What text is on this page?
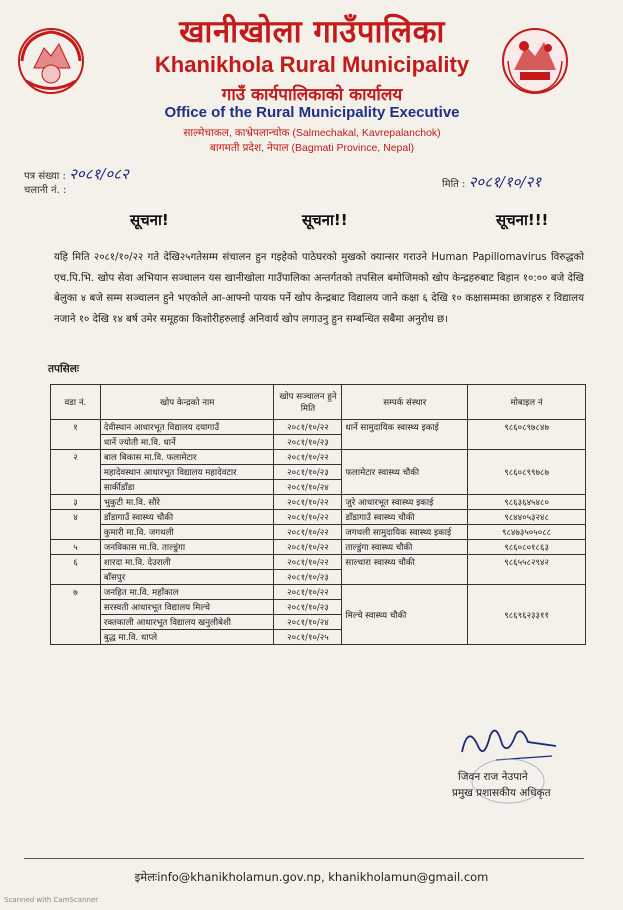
खानीखोला गाउँपालिका
Khanikhola Rural Municipality
गाउँ कार्यपालिकाको कार्यालय
Office of the Rural Municipality Executive
साल्मेचाकल, काभ्रेपलान्चोक (Salmechakal, Kavrepalanchok)
बागमती प्रदेश, नेपाल (Bagmati Province, Nepal)
पत्र संख्या : २०८१/०८२
चलानी नं. :
मिति : २०८१/१०/२१
सूचना!	सूचना!!	सूचना!!!
यहि मिति २०८१/१०/२२ गते देखि२५गतेसम्म संचालन हुन गइहेको पाठेघरको मुखको क्यान्सर गराउने Human Papillomavirus विरुद्धको एच.पि.भि. खोप सेवा अभियान सञ्चालन यस खानीखोला गाउँपालिका अन्तर्गतको तपसिल बमोजिमको खोप केन्द्रहरुबाट बिहान १०:०० बजे देखि बेलुका ४ बजे सम्म सञ्चालन हुने भएकोले आ-आफ्नो पायक पर्ने खोप केन्द्रबाट विद्यालय जाने कक्षा ६ देखि १० कक्षासम्मका छात्राहरु र विद्यालय नजाने १० देखि १४ बर्ष उमेर समूहका किशोरीहरुलाई अनिवार्य खोप लगाउनु हुन सम्बन्धित सबैमा अनुरोध छ।
तपसिलः
वडा नं.	खोप केन्द्रको नाम	खोप सञ्चालन हुने मिति	सम्पर्क संस्थार	मोबाइल नं
१	देवीस्थान आधारभूत विद्यालय दयागाउँ	२०८१/१०/२२	धार्ने सामुदायिक स्वास्थ्य इकाई	९८६०८९७८४७
	धार्ने ज्योती मा.वि. धार्ने	२०८१/१०/२३		
२	बाल बिकास मा.वि. फलामेटार	२०८१/१०/२२	फलामेटार स्वास्थ्य चौकी	९८६०८९९७८७
	महादेवस्थान आधारभूत विद्यालय महादेवटार	२०८१/१०/२३		
	सार्कीडाँडा	२०८१/१०/२४		
३	भुकुटी मा.वि. सौरे	२०८१/१०/२२	जुरे आधारभूत स्वास्थ्य इकाई	९८६३६४५४८०
४	डाँडागाउँ स्वास्थ्य चौकी	२०८१/१०/२२	डाँडागाउँ स्वास्थ्य चौकी	९८४४०५३२४८
	कुमारी मा.वि. जगथली	२०८१/१०/२२	जगथली सामुदायिक स्वास्थ्य इकाई	९८४७३५०५०८८
५	जनविकास मा.वि. ताल्डुंगा	२०८१/१०/२२	ताल्डुंगा स्वास्थ्य चौकी	९८६०८०१८६३
६	शारदा मा.वि. देउराली	२०८१/१०/२२	साल्धारा स्वास्थ्य चौकी	९८६५५८२९४२
	बाँसपुर	२०८१/१०/२३		
७	जनहित मा.वि. महाँकाल	२०८१/१०/२२	मिल्चे स्वास्थ्य चौकी	९८६९६२३३११
	सरस्वती आधारभूत विद्यालय मिल्चे	२०८१/१०/२३		
	रक्तकाली आधारभूत विद्यालय खनुलीबेशी	२०८१/१०/२४		
	बुद्ध मा.वि. धाप्ले	२०८१/१०/२५		
जिवन राज नेउपाने
प्रमुख प्रशासकीय अधिकृत
इमेलःinfo@khanikholamun.gov.np, khanikholamun@gmail.com
Scanned with CamScanner
